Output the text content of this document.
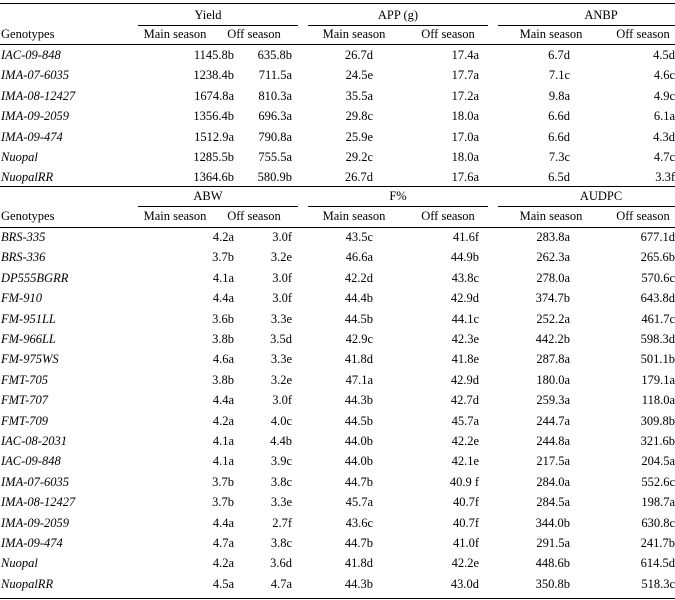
Yield	APP (g)	ANBP
Genotypes	Main season	Off season	Main season	Off season	Main season	Off season
IAC-09-848	1145.8b	635.8b	26.7d	17.4a	6.7d	4.5d
IMA-07-6035	1238.4b	711.5a	24.5e	17.7a	7.1c	4.6c
IMA-08-12427	1674.8a	810.3a	35.5a	17.2a	9.8a	4.9c
IMA-09-2059	1356.4b	696.3a	29.8c	18.0a	6.6d	6.1a
IMA-09-474	1512.9a	790.8a	25.9e	17.0a	6.6d	4.3d
Nuopal	1285.5b	755.5a	29.2c	18.0a	7.3c	4.7c
NuopalRR	1364.6b	580.9b	26.7d	17.6a	6.5d	3.3f
ABW	F%	AUDPC
Genotypes	Main season	Off season	Main season	Off season	Main season	Off season
BRS-335	4.2a	3.0f	43.5c	41.6f	283.8a	677.1d
BRS-336	3.7b	3.2e	46.6a	44.9b	262.3a	265.6b
DP555BGRR	4.1a	3.0f	42.2d	43.8c	278.0a	570.6c
FM-910	4.4a	3.0f	44.4b	42.9d	374.7b	643.8d
FM-951LL	3.6b	3.3e	44.5b	44.1c	252.2a	461.7c
FM-966LL	3.8b	3.5d	42.9c	42.3e	442.2b	598.3d
FM-975WS	4.6a	3.3e	41.8d	41.8e	287.8a	501.1b
FMT-705	3.8b	3.2e	47.1a	42.9d	180.0a	179.1a
FMT-707	4.4a	3.0f	44.3b	42.7d	259.3a	118.0a
FMT-709	4.2a	4.0c	44.5b	45.7a	244.7a	309.8b
IAC-08-2031	4.1a	4.4b	44.0b	42.2e	244.8a	321.6b
IAC-09-848	4.1a	3.9c	44.0b	42.1e	217.5a	204.5a
IMA-07-6035	3.7b	3.8c	44.7b	40.9 f	284.0a	552.6c
IMA-08-12427	3.7b	3.3e	45.7a	40.7f	284.5a	198.7a
IMA-09-2059	4.4a	2.7f	43.6c	40.7f	344.0b	630.8c
IMA-09-474	4.7a	3.8c	44.7b	41.0f	291.5a	241.7b
Nuopal	4.2a	3.6d	41.8d	42.2e	448.6b	614.5d
NuopalRR	4.5a	4.7a	44.3b	43.0d	350.8b	518.3c
